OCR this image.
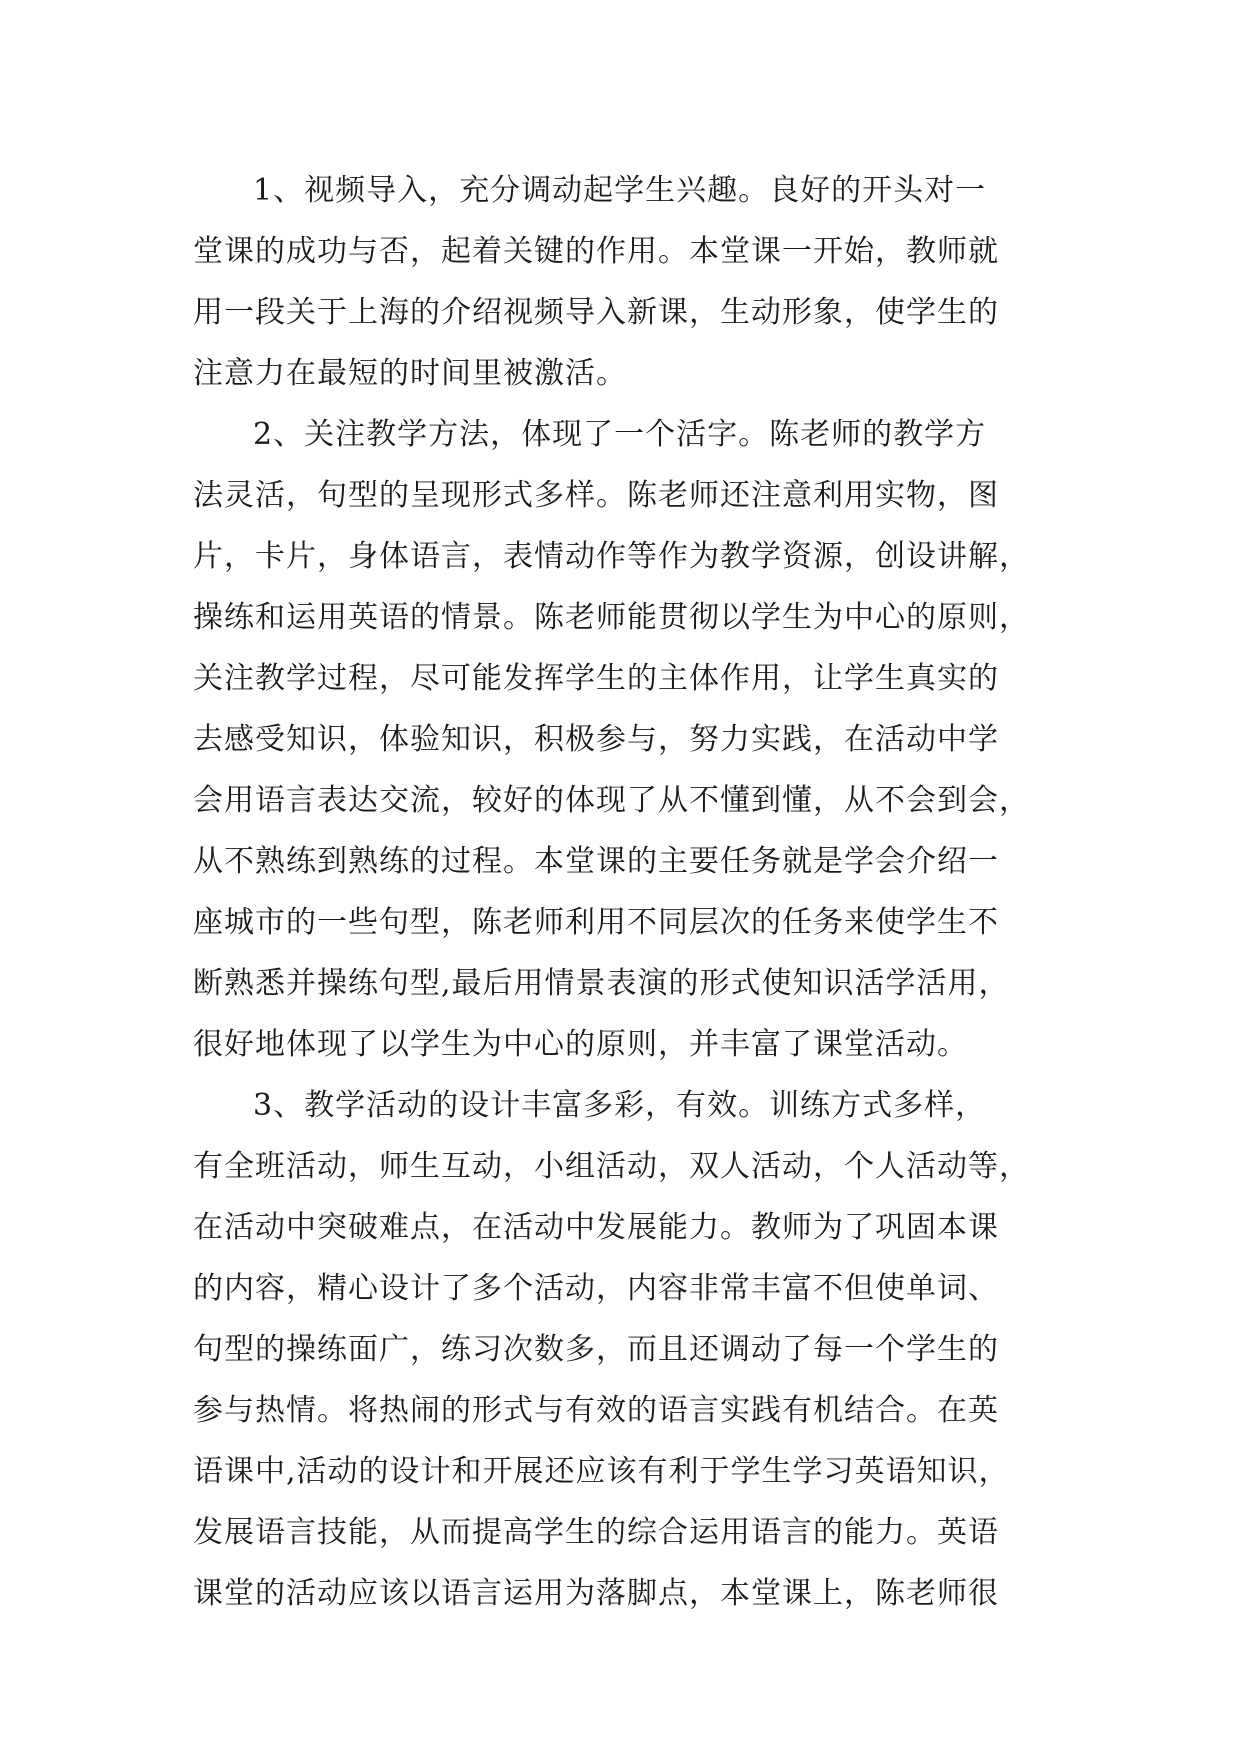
1、视频导入，充分调动起学生兴趣。良好的开头对一
堂课的成功与否，起着关键的作用。本堂课一开始，教师就
用一段关于上海的介绍视频导入新课，生动形象，使学生的
注意力在最短的时间里被激活。
2、关注教学方法，体现了一个活字。陈老师的教学方
法灵活，句型的呈现形式多样。陈老师还注意利用实物，图
片，卡片，身体语言，表情动作等作为教学资源，创设讲解，
操练和运用英语的情景。陈老师能贯彻以学生为中心的原则，
关注教学过程，尽可能发挥学生的主体作用，让学生真实的
去感受知识，体验知识，积极参与，努力实践，在活动中学
会用语言表达交流，较好的体现了从不懂到懂，从不会到会，
从不熟练到熟练的过程。本堂课的主要任务就是学会介绍一
座城市的一些句型，陈老师利用不同层次的任务来使学生不
断熟悉并操练句型,最后用情景表演的形式使知识活学活用，
很好地体现了以学生为中心的原则，并丰富了课堂活动。
3、教学活动的设计丰富多彩，有效。训练方式多样，
有全班活动，师生互动，小组活动，双人活动，个人活动等，
在活动中突破难点，在活动中发展能力。教师为了巩固本课
的内容，精心设计了多个活动，内容非常丰富不但使单词、
句型的操练面广，练习次数多，而且还调动了每一个学生的
参与热情。将热闹的形式与有效的语言实践有机结合。在英
语课中,活动的设计和开展还应该有利于学生学习英语知识，
发展语言技能，从而提高学生的综合运用语言的能力。英语
课堂的活动应该以语言运用为落脚点，本堂课上，陈老师很
